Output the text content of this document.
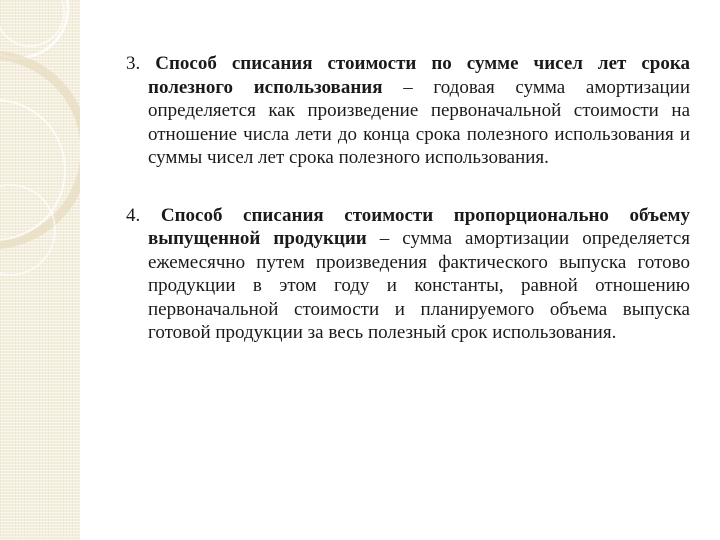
3. Способ списания стоимости по сумме чисел лет срока полезного использования – годовая сумма амортизации определяется как произведение первоначальной стоимости на отношение числа лети до конца срока полезного использования и суммы чисел лет срока полезного использования.

4. Способ списания стоимости пропорционально объему выпущенной продукции – сумма амортизации определяется ежемесячно путем произведения фактического выпуска готово продукции в этом году и константы, равной отношению первоначальной стоимости и планируемого объема выпуска готовой продукции за весь полезный срок использования.
